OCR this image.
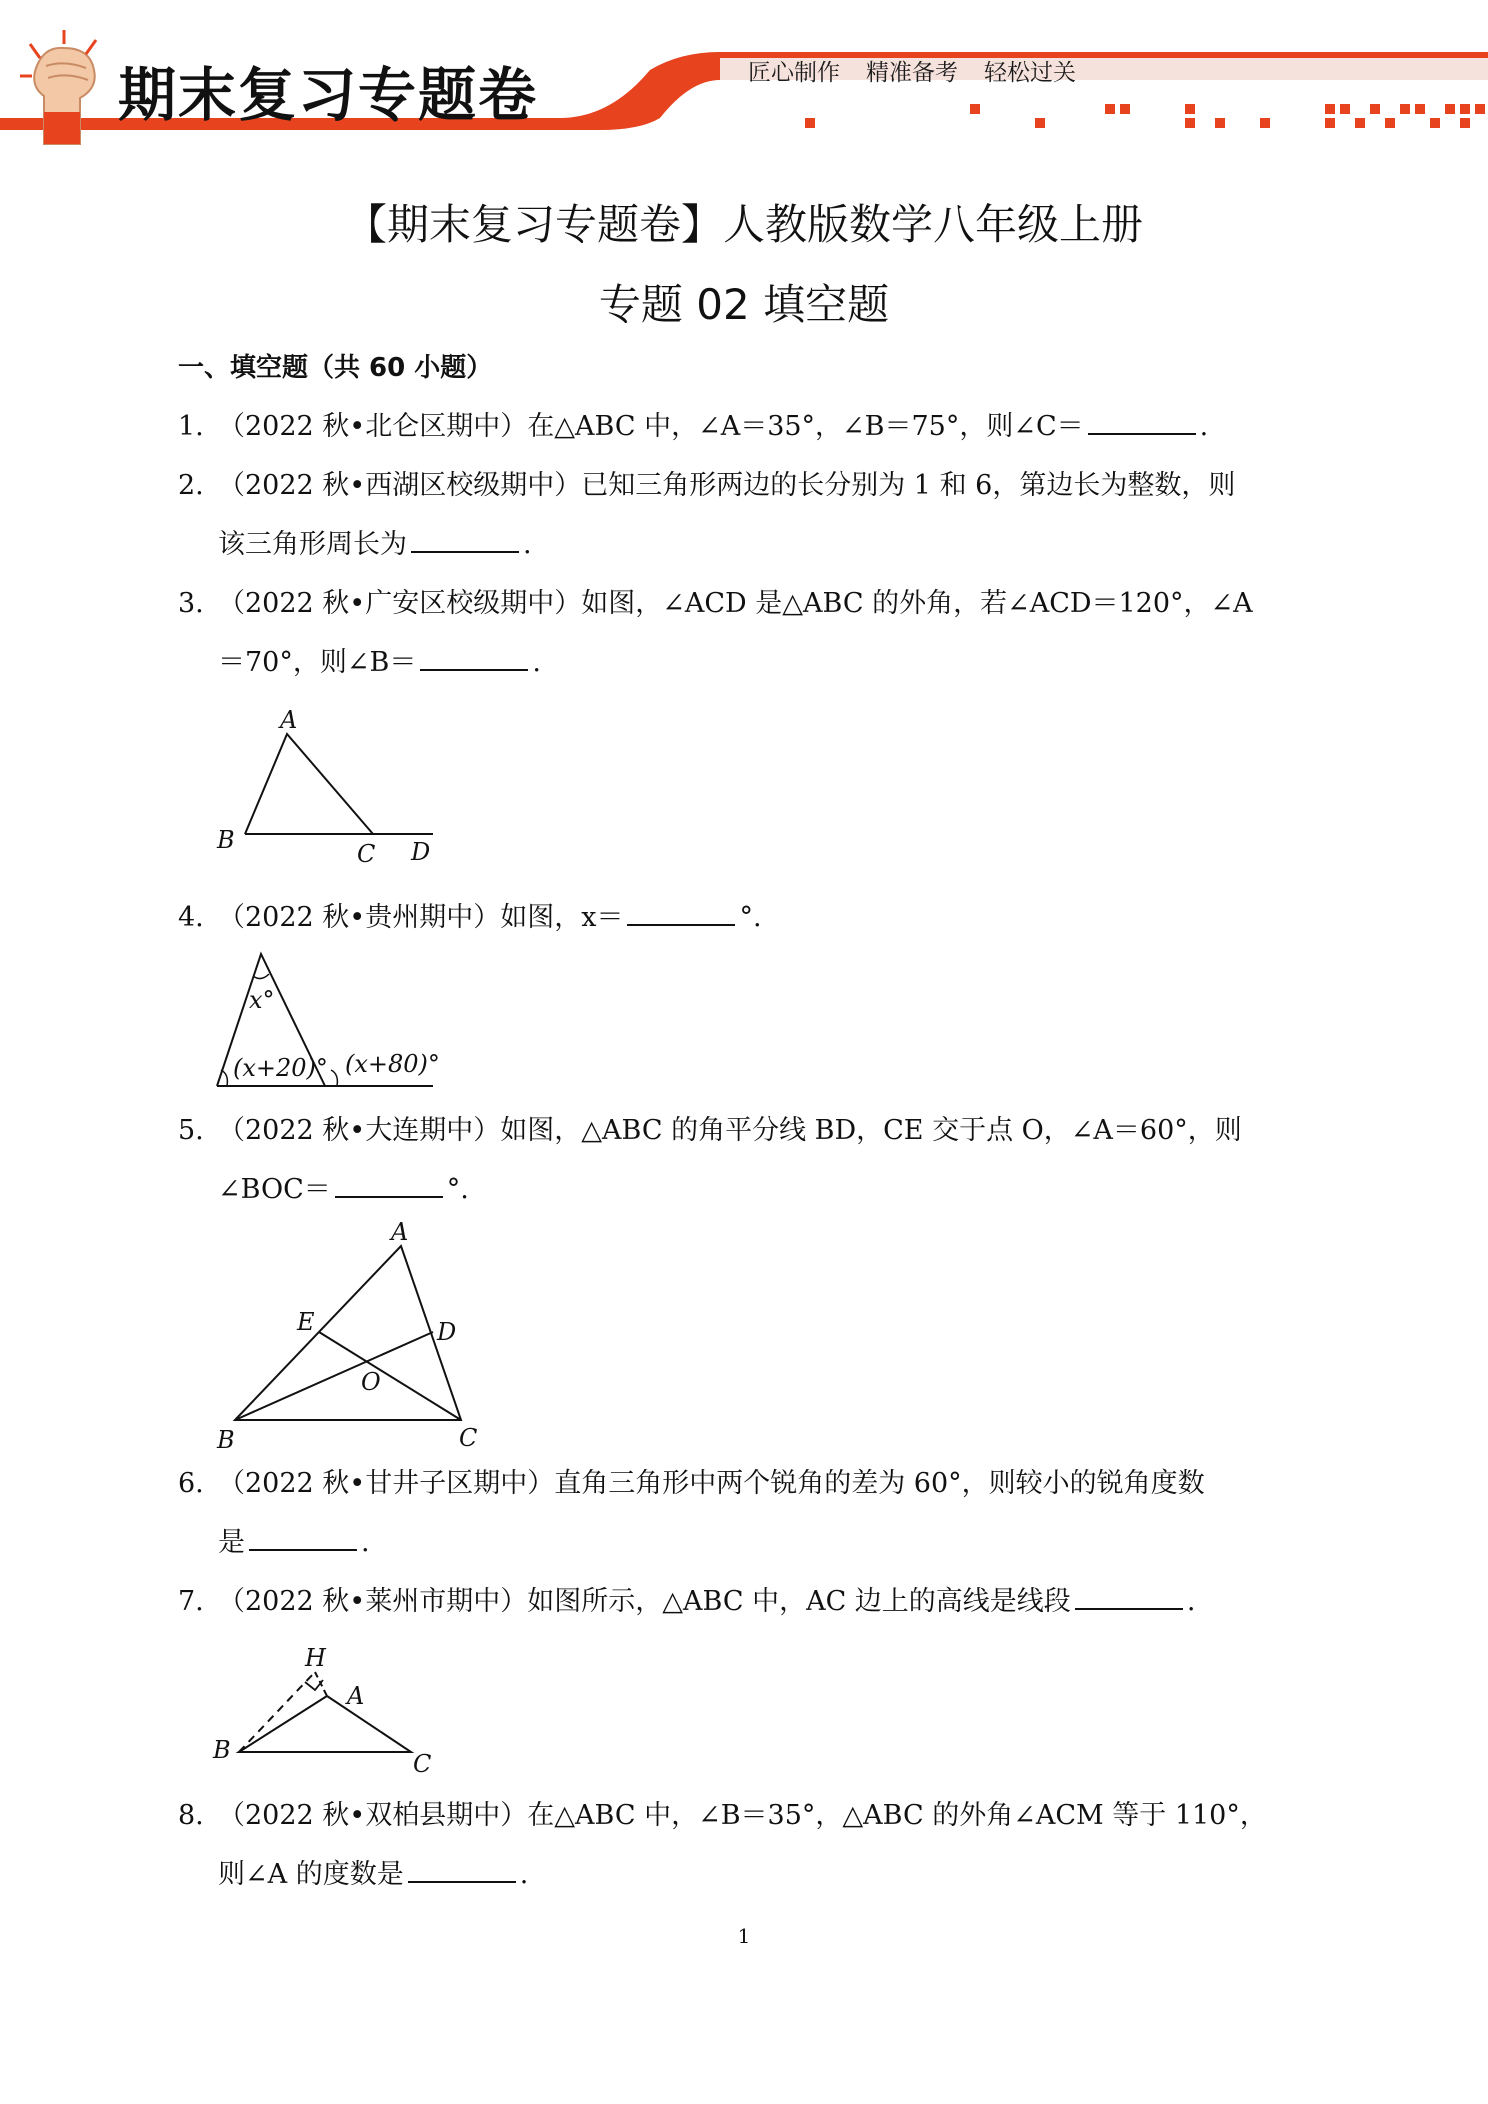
期末复习专题卷	匠心制作 精准备考 轻松过关
【期末复习专题卷】人教版数学八年级上册
专题 02 填空题
一、填空题（共 60 小题）
1. （2022 秋•北仑区期中）在△ABC 中，∠A＝35°，∠B＝75°，则∠C＝	.
2. （2022 秋•西湖区校级期中）已知三角形两边的长分别为 1 和 6，第边长为整数，则
该三角形周长为	.
3. （2022 秋•广安区校级期中）如图，∠ACD 是△ABC 的外角，若∠ACD＝120°，∠A
＝70°，则∠B＝	.
A
B	C D
4. （2022 秋•贵州期中）如图，x＝	°.
x°
(x+20)° (x+80)°
5. （2022 秋•大连期中）如图，△ABC 的角平分线 BD，CE 交于点 O，∠A＝60°，则
∠BOC＝	°.
A
B	C
D
E
O
6. （2022 秋•甘井子区期中）直角三角形中两个锐角的差为 60°，则较小的锐角度数
是	.
7. （2022 秋•莱州市期中）如图所示，△ABC 中，AC 边上的高线是线段	.
H
A
B	C
8. （2022 秋•双柏县期中）在△ABC 中，∠B＝35°，△ABC 的外角∠ACM 等于 110°，
则∠A 的度数是	.
1
